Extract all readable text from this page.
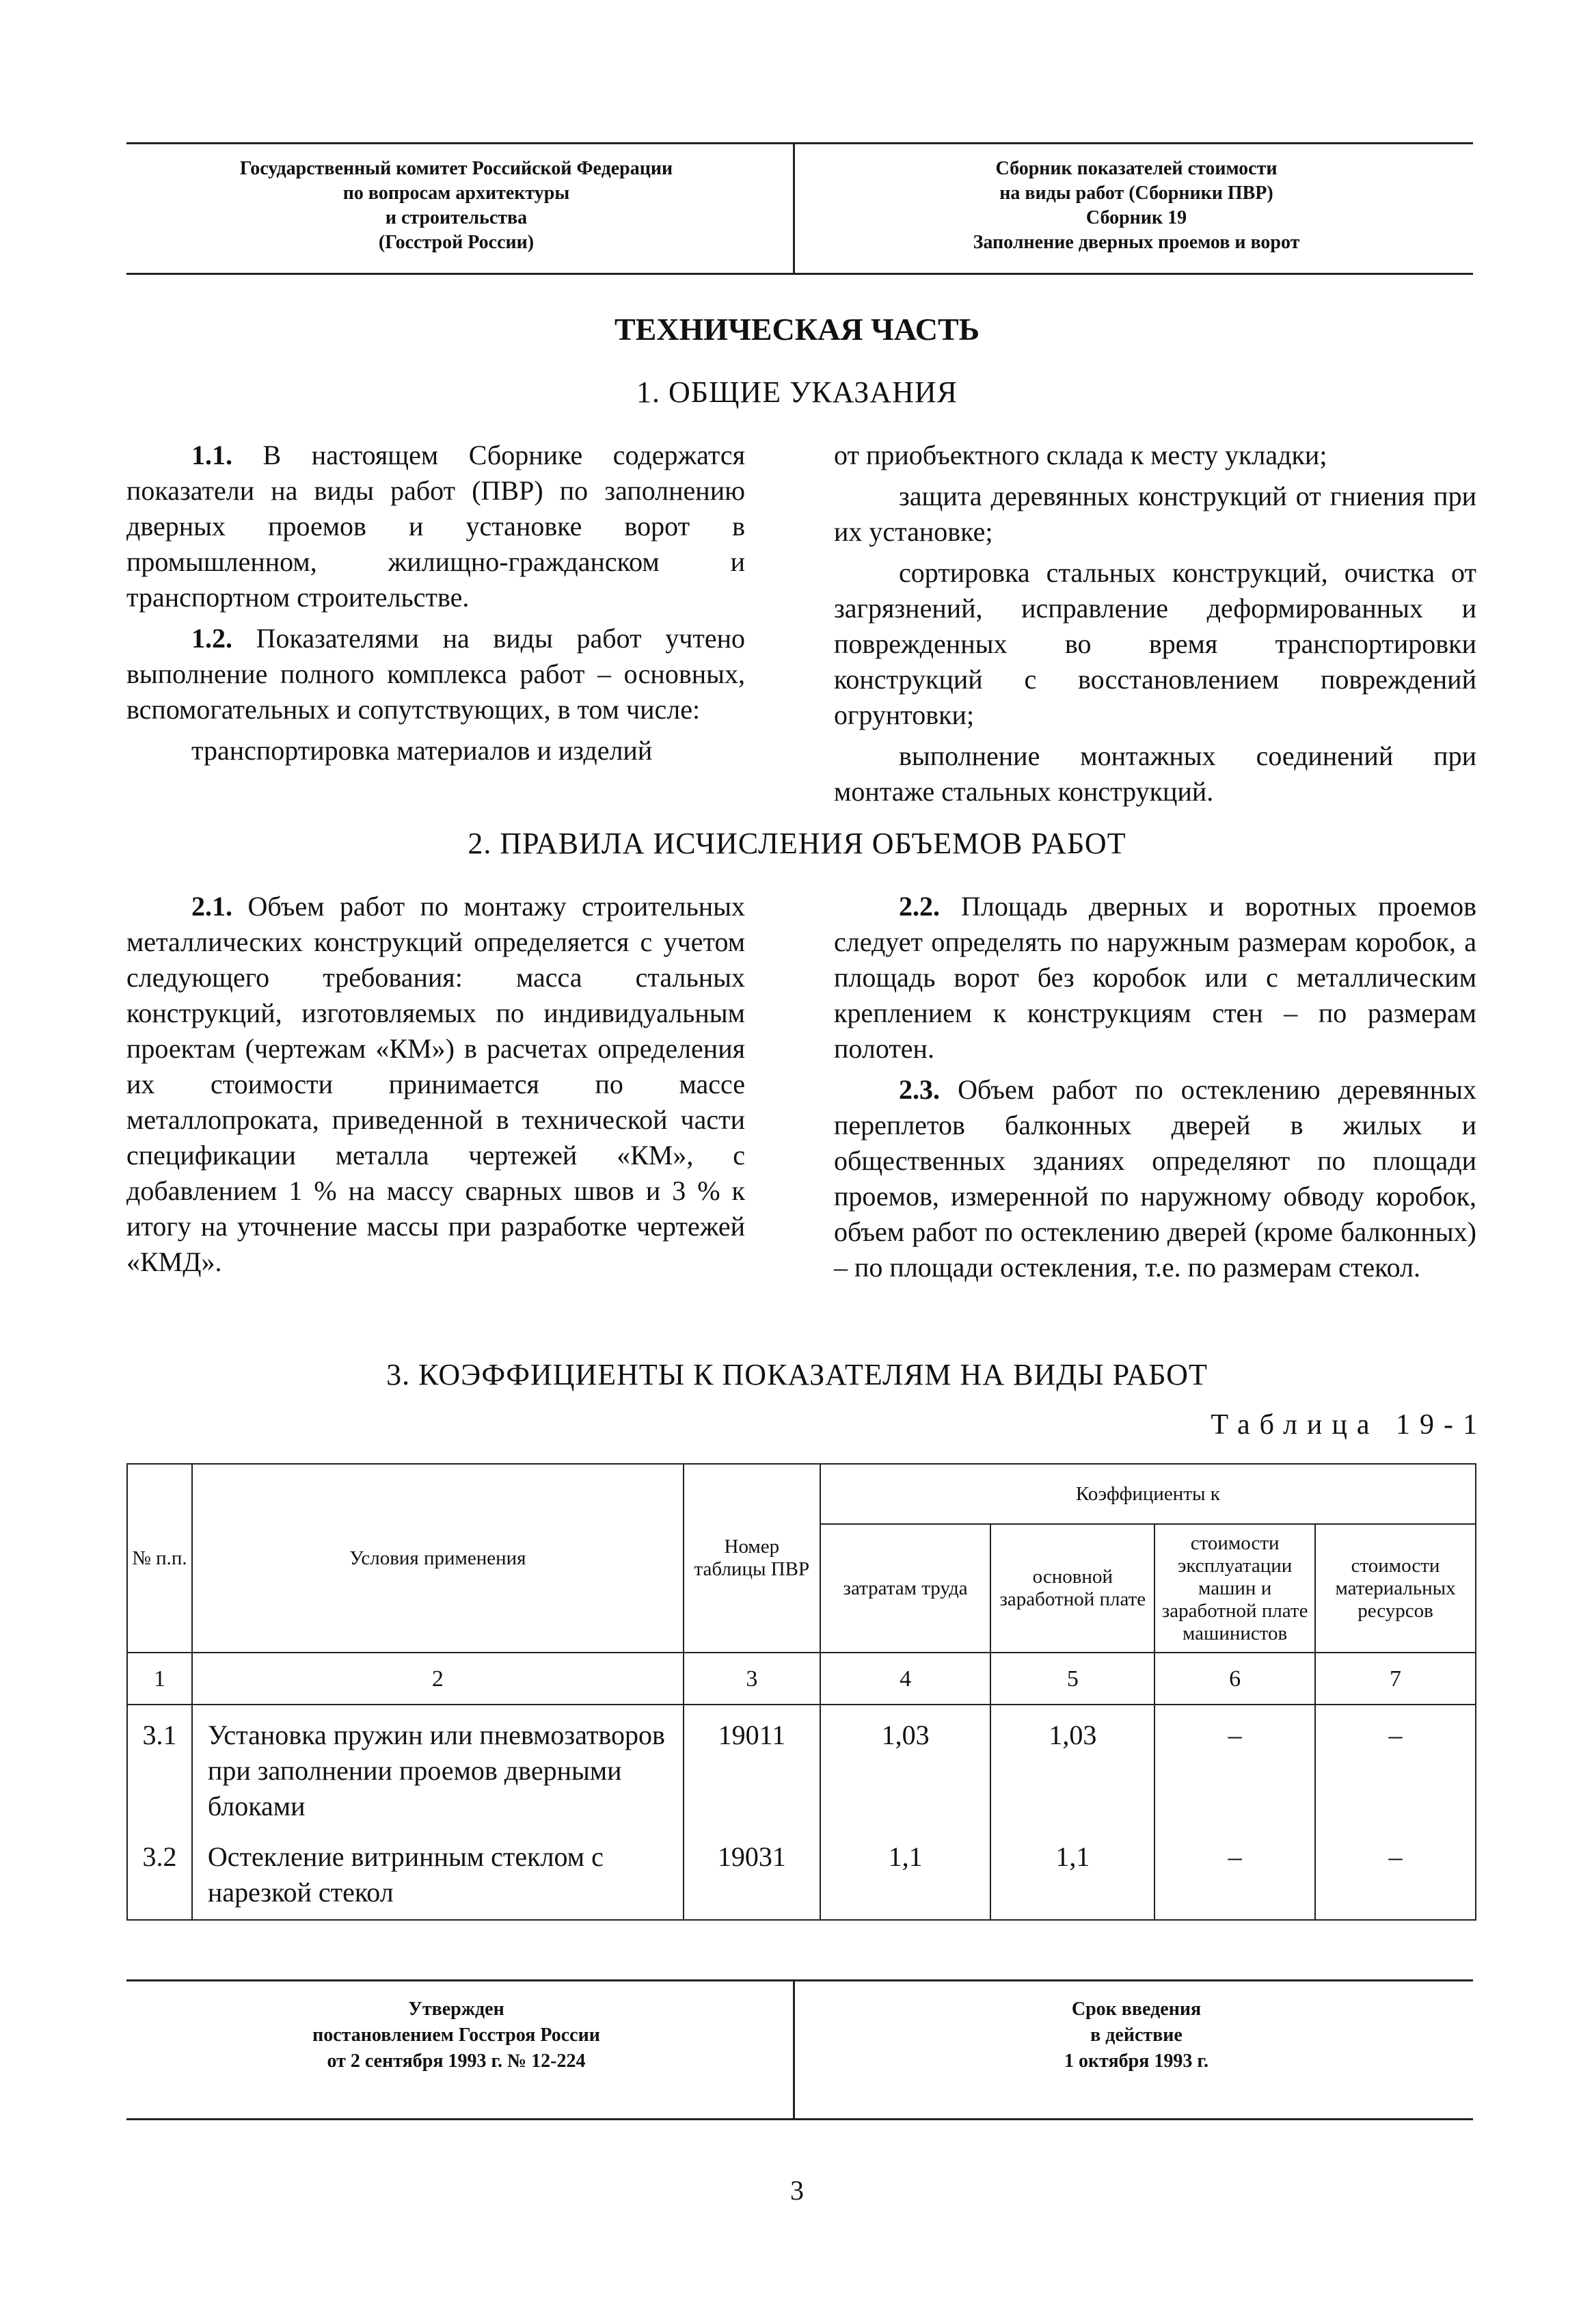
Государственный комитет Российской Федерации
по вопросам архитектуры
и строительства
(Госстрой России)
Сборник показателей стоимости
на виды работ (Сборники ПВР)
Сборник 19
Заполнение дверных проемов и ворот
ТЕХНИЧЕСКАЯ ЧАСТЬ
1. ОБЩИЕ УКАЗАНИЯ

1.1. В настоящем Сборнике содержатся показатели на виды работ (ПВР) по заполнению дверных проемов и установке ворот в промышленном, жилищно-гражданском и транспортном строительстве.

1.2. Показателями на виды работ учтено выполнение полного комплекса работ – основных, вспомогательных и сопутствующих, в том числе:

транспортировка материалов и изделий

от приобъектного склада к месту укладки;

защита деревянных конструкций от гниения при их установке;

сортировка стальных конструкций, очистка от загрязнений, исправление деформированных и поврежденных во время транспортировки конструкций с восстановлением повреждений огрунтовки;

выполнение монтажных соединений при монтаже стальных конструкций.

2. ПРАВИЛА ИСЧИСЛЕНИЯ ОБЪЕМОВ РАБОТ

2.1. Объем работ по монтажу строительных металлических конструкций определяется с учетом следующего требования: масса стальных конструкций, изготовляемых по индивидуальным проектам (чертежам «КМ») в расчетах определения их стоимости принимается по массе металлопроката, приведенной в технической части спецификации металла чертежей «КМ», с добавлением 1 % на массу сварных швов и 3 % к итогу на уточнение массы при разработке чертежей «КМД».

2.2. Площадь дверных и воротных проемов следует определять по наружным размерам коробок, а площадь ворот без коробок или с металлическим креплением к конструкциям стен – по размерам полотен.

2.3. Объем работ по остеклению деревянных переплетов балконных дверей в жилых и общественных зданиях определяют по площади проемов, измеренной по наружному обводу коробок, объем работ по остеклению дверей (кроме балконных) – по площади остекления, т.е. по размерам стекол.

3. КОЭФФИЦИЕНТЫ К ПОКАЗАТЕЛЯМ НА ВИДЫ РАБОТ
Таблица 19-1
№ п.п.	Условия применения	Номер таблицы ПВР	Коэффициенты к			
			затратам труда	основной заработной плате	стоимости эксплуатации машин и заработной плате машинистов	стоимости материальных ресурсов
1	2	3	4	5	6	7
3.1	Установка пружин или пневмозатворов при заполнении проемов дверными блоками	19011	1,03	1,03	–	–
3.2	Остекление витринным стеклом с нарезкой стекол	19031	1,1	1,1	–	–
Утвержден
постановлением Госстроя России
от 2 сентября 1993 г. № 12-224
Срок введения
в действие
1 октября 1993 г.
3
